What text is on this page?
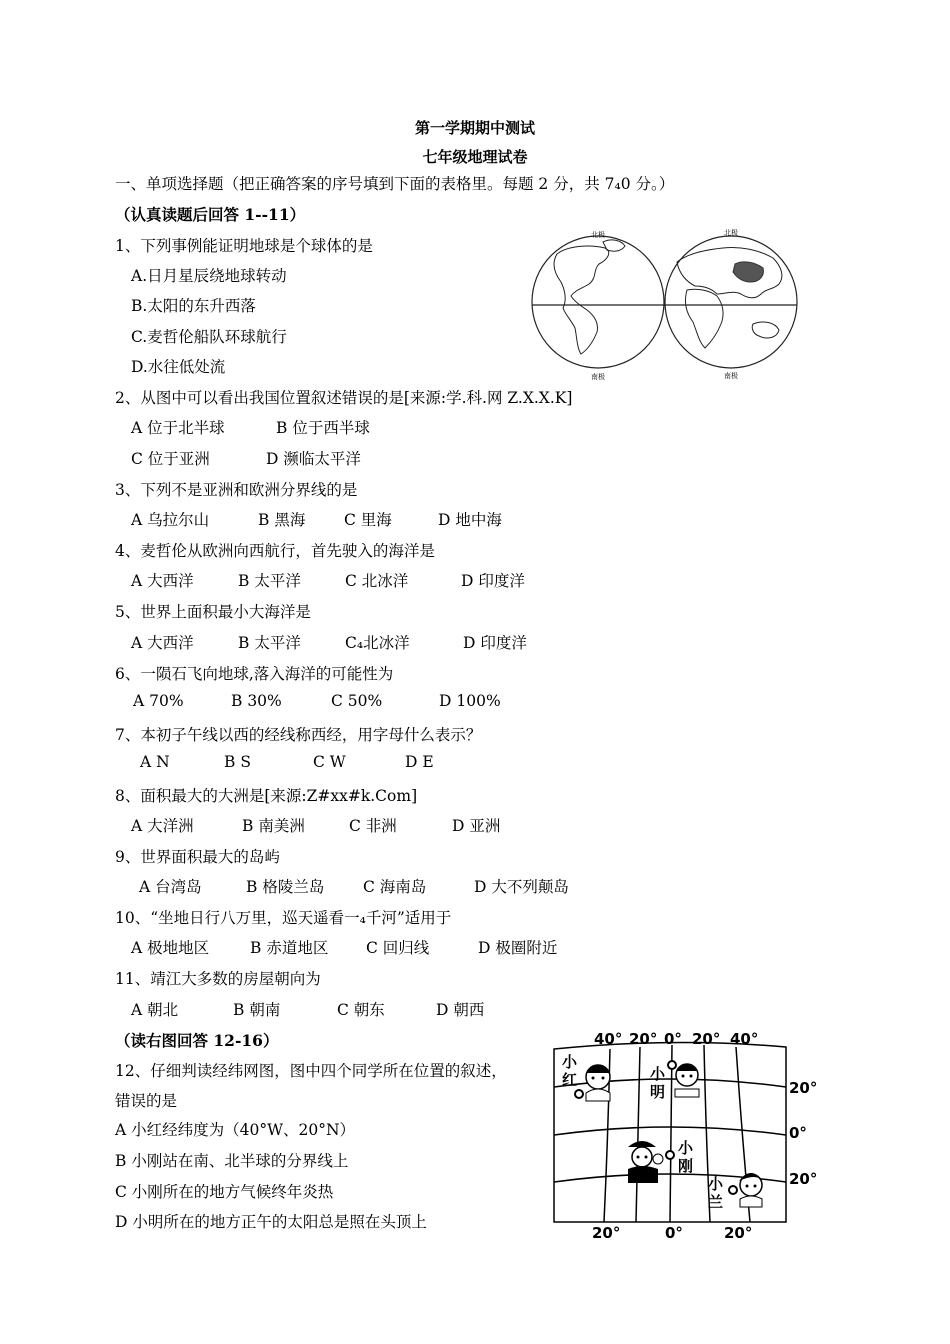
第一学期期中测试
七年级地理试卷
一、单项选择题（把正确答案的序号填到下面的表格里。每题 2 分，共 7₄0 分。）
（认真读题后回答 1--11）
1、下列事例能证明地球是个球体的是
A.日月星辰绕地球转动
B.太阳的东升西落
C.麦哲伦船队环球航行
D.水往低处流
2、从图中可以看出我国位置叙述错误的是[来源:学.科.网 Z.X.X.K]
A 位于北半球	B 位于西半球
C 位于亚洲	D 濒临太平洋
3、下列不是亚洲和欧洲分界线的是
A 乌拉尔山	B 黑海 C 里海	D 地中海
4、麦哲伦从欧洲向西航行，首先驶入的海洋是
A 大西洋	B 太平洋	C 北冰洋	D 印度洋
5、世界上面积最小大海洋是
A 大西洋	B 太平洋	C₄北冰洋	D 印度洋
6、一陨石飞向地球,落入海洋的可能性为
A 70%	B 30%	C 50%	D 100%
7、本初子午线以西的经线称西经，用字母什么表示？
A N	B S	C W	D E
8、面积最大的大洲是[来源:Z#xx#k.Com]
A 大洋洲	B 南美洲	C 非洲	D 亚洲
9、世界面积最大的岛屿
A 台湾岛	B 格陵兰岛 C 海南岛	D 大不列颠岛
10、“坐地日行八万里，巡天遥看一₄千河”适用于
A 极地地区	B 赤道地区 C 回归线	D 极圈附近
11、靖江大多数的房屋朝向为
A 朝北	B 朝南	C 朝东	D 朝西
（读右图回答 12-16）
12、仔细判读经纬网图，图中四个同学所在位置的叙述，
错误的是
A 小红经纬度为（40°W、20°N）
B 小刚站在南、北半球的分界线上
C 小刚所在的地方气候终年炎热
D 小明所在的地方正午的太阳总是照在头顶上
北极	北极
南极	南极
40° 20° 0° 20° 40°
20°	0°	20°
20°
0°
20°
小
红	小
明
小
刚
小
兰
